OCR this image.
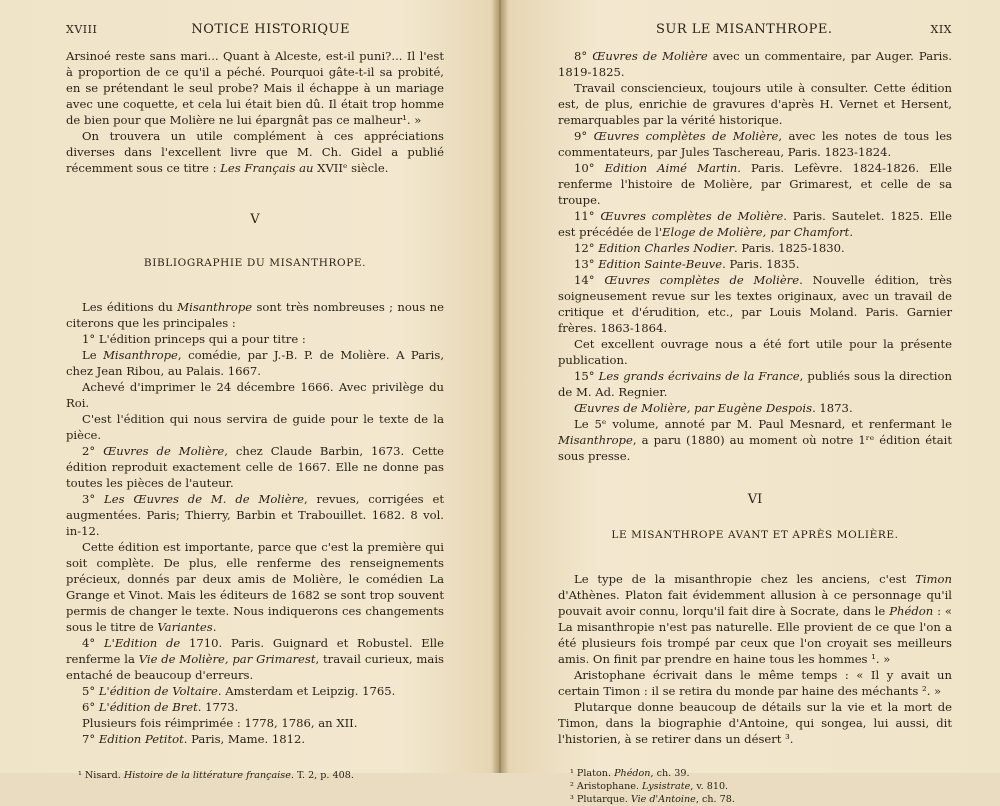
XVIII	NOTICE HISTORIQUE

Arsinoé reste sans mari... Quant à Alceste, est-il puni?... Il l'est à proportion de ce qu'il a péché. Pourquoi gâte-t-il sa probité, en se prétendant le seul probe? Mais il échappe à un mariage avec une coquette, et cela lui était bien dû. Il était trop homme de bien pour que Molière ne lui épargnât pas ce malheur¹. »

On trouvera un utile complément à ces appréciations diverses dans l'excellent livre que M. Ch. Gidel a publié récemment sous ce titre : Les Français au XVIIᵉ siècle.

V
BIBLIOGRAPHIE DU MISANTHROPE.

Les éditions du Misanthrope sont très nombreuses ; nous ne citerons que les principales :

1° L'édition princeps qui a pour titre :

Le Misanthrope, comédie, par J.-B. P. de Molière. A Paris, chez Jean Ribou, au Palais. 1667.

Achevé d'imprimer le 24 décembre 1666. Avec privilège du Roi.

C'est l'édition qui nous servira de guide pour le texte de la pièce.

2° Œuvres de Molière, chez Claude Barbin, 1673. Cette édition reproduit exactement celle de 1667. Elle ne donne pas toutes les pièces de l'auteur.

3° Les Œuvres de M. de Molière, revues, corrigées et augmentées. Paris; Thierry, Barbin et Trabouillet. 1682. 8 vol. in-12.

Cette édition est importante, parce que c'est la première qui soit complète. De plus, elle renferme des renseignements précieux, donnés par deux amis de Molière, le comédien La Grange et Vinot. Mais les éditeurs de 1682 se sont trop souvent permis de changer le texte. Nous indiquerons ces changements sous le titre de Variantes.

4° L'Edition de 1710. Paris. Guignard et Robustel. Elle renferme la Vie de Molière, par Grimarest, travail curieux, mais entaché de beaucoup d'erreurs.

5° L'édition de Voltaire. Amsterdam et Leipzig. 1765.

6° L'édition de Bret. 1773.

Plusieurs fois réimprimée : 1778, 1786, an XII.

7° Edition Petitot. Paris, Mame. 1812.

¹ Nisard. Histoire de la littérature française. T. 2, p. 408.

SUR LE MISANTHROPE.	XIX

8° Œuvres de Molière avec un commentaire, par Auger. Paris. 1819-1825.

Travail consciencieux, toujours utile à consulter. Cette édition est, de plus, enrichie de gravures d'après H. Vernet et Hersent, remarquables par la vérité historique.

9° Œuvres complètes de Molière, avec les notes de tous les commentateurs, par Jules Taschereau, Paris. 1823-1824.

10° Edition Aimé Martin. Paris. Lefèvre. 1824-1826. Elle renferme l'histoire de Molière, par Grimarest, et celle de sa troupe.

11° Œuvres complètes de Molière. Paris. Sautelet. 1825. Elle est précédée de l'Eloge de Molière, par Chamfort.

12° Edition Charles Nodier. Paris. 1825-1830.

13° Edition Sainte-Beuve. Paris. 1835.

14° Œuvres complètes de Molière. Nouvelle édition, très soigneusement revue sur les textes originaux, avec un travail de critique et d'érudition, etc., par Louis Moland. Paris. Garnier frères. 1863-1864.

Cet excellent ouvrage nous a été fort utile pour la présente publication.

15° Les grands écrivains de la France, publiés sous la direction de M. Ad. Regnier.

Œuvres de Molière, par Eugène Despois. 1873.

Le 5ᵉ volume, annoté par M. Paul Mesnard, et renfermant le Misanthrope, a paru (1880) au moment où notre 1ʳᵉ édition était sous presse.

VI
LE MISANTHROPE AVANT ET APRÈS MOLIÈRE.

Le type de la misanthropie chez les anciens, c'est Timon d'Athènes. Platon fait évidemment allusion à ce personnage qu'il pouvait avoir connu, lorqu'il fait dire à Socrate, dans le Phédon : « La misanthropie n'est pas naturelle. Elle provient de ce que l'on a été plusieurs fois trompé par ceux que l'on croyait ses meilleurs amis. On finit par prendre en haine tous les hommes ¹. »

Aristophane écrivait dans le même temps : « Il y avait un certain Timon : il se retira du monde par haine des méchants ². »

Plutarque donne beaucoup de détails sur la vie et la mort de Timon, dans la biographie d'Antoine, qui songea, lui aussi, dit l'historien, à se retirer dans un désert ³.

¹ Platon. Phédon, ch. 39.

² Aristophane. Lysistrate, v. 810.

³ Plutarque. Vie d'Antoine, ch. 78.
